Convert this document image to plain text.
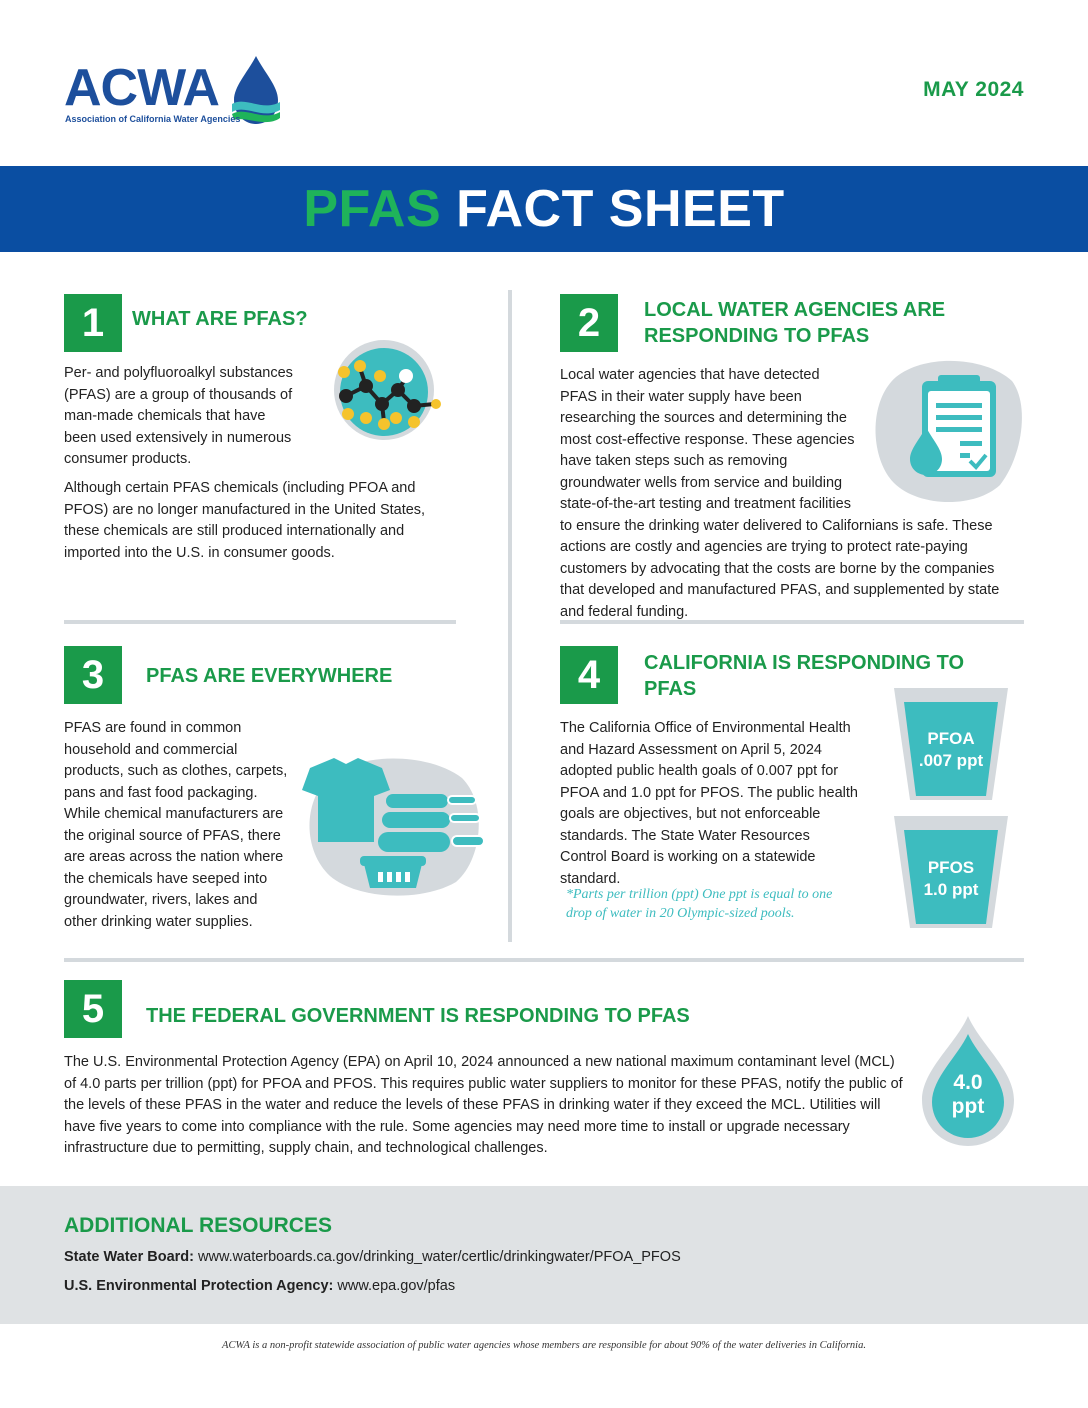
ACWA
Association of California Water Agencies
MAY 2024
PFAS FACT SHEET
1	WHAT ARE PFAS?
Per- and polyfluoroalkyl substances (PFAS) are a group of thousands of man-made chemicals that have been used extensively in numerous consumer products.
Although certain PFAS chemicals (including PFOA and PFOS) are no longer manufactured in the United States, these chemicals are still produced internationally and imported into the U.S. in consumer goods.
2	LOCAL WATER AGENCIES ARE RESPONDING TO PFAS
Local water agencies that have detected PFAS in their water supply have been researching the sources and determining the most cost-effective response. These agencies have taken steps such as removing groundwater wells from service and building state-of-the-art testing and treatment facilities to ensure the drinking water delivered to Californians is safe. These actions are costly and agencies are trying to protect rate-paying customers by advocating that the costs are borne by the companies that developed and manufactured PFAS, and supplemented by state and federal funding.
3	PFAS ARE EVERYWHERE
PFAS are found in common household and commercial products, such as clothes, carpets, pans and fast food packaging. While chemical manufacturers are the original source of PFAS, there are areas across the nation where the chemicals have seeped into groundwater, rivers, lakes and other drinking water supplies.
4	CALIFORNIA IS RESPONDING TO PFAS
The California Office of Environmental Health and Hazard Assessment on April 5, 2024 adopted public health goals of 0.007 ppt for PFOA and 1.0 ppt for PFOS. The public health goals are objectives, but not enforceable standards. The State Water Resources Control Board is working on a statewide standard.
*Parts per trillion (ppt) One ppt is equal to one drop of water in 20 Olympic-sized pools.
PFOA
.007 ppt
PFOS
1.0 ppt
5	THE FEDERAL GOVERNMENT IS RESPONDING TO PFAS
The U.S. Environmental Protection Agency (EPA) on April 10, 2024 announced a new national maximum contaminant level (MCL) of 4.0 parts per trillion (ppt) for PFOA and PFOS. This requires public water suppliers to monitor for these PFAS, notify the public of the levels of these PFAS in the water and reduce the levels of these PFAS in drinking water if they exceed the MCL. Utilities will have five years to come into compliance with the rule. Some agencies may need more time to install or upgrade necessary infrastructure due to permitting, supply chain, and technological challenges.
4.0
ppt
ADDITIONAL RESOURCES
State Water Board: www.waterboards.ca.gov/drinking_water/certlic/drinkingwater/PFOA_PFOS
U.S. Environmental Protection Agency: www.epa.gov/pfas
ACWA is a non-profit statewide association of public water agencies whose members are responsible for about 90% of the water deliveries in California.
